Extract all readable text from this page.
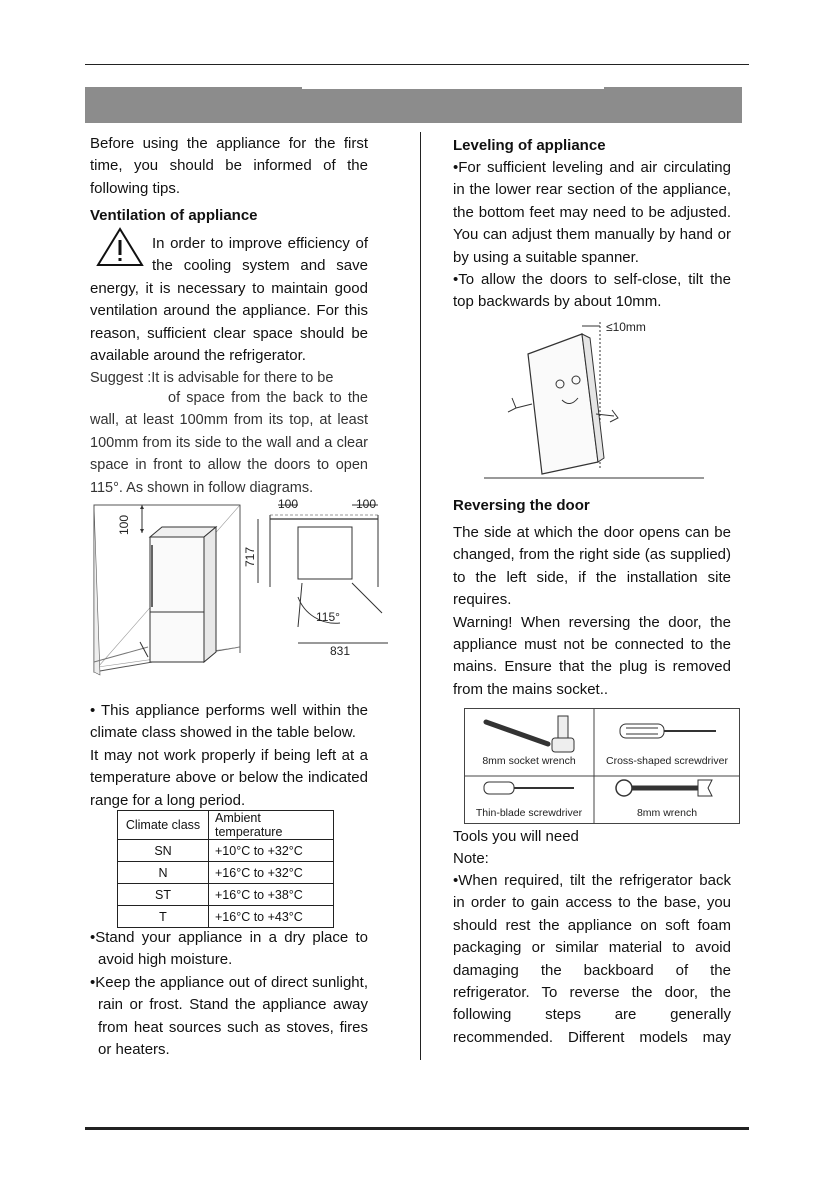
Before using the appliance for the first time, you should be informed of the following tips.

Ventilation of appliance

In order to improve efficiency of the cooling system and save

energy, it is necessary to maintain good ventilation around the appliance. For this reason, sufficient clear space should be available around the refrigerator.

Suggest :It is advisable for there to be

of space from the back to the wall, at least 100mm from its top, at least 100mm from its side to the wall and a clear space in front to allow the doors to open 115°. As shown in follow diagrams.

100
100	100
717
115°
831

• This appliance performs well within the climate class showed in the table below.

It may not work properly if being left at a temperature above or below the indicated range for a long period.

Climate class	Ambient temperature
SN	+10°C to +32°C
N	+16°C to +32°C
ST	+16°C to +38°C
T	+16°C to +43°C

•Stand your appliance in a dry place to avoid high moisture.

•Keep the appliance out of direct sunlight, rain or frost. Stand the appliance away from heat sources such as stoves, fires or heaters.

Leveling of appliance

•For sufficient leveling and air circulating in the lower rear section of the appliance, the bottom feet may need to be adjusted. You can adjust them manually by hand or by using a suitable spanner.

•To allow the doors to self-close, tilt the top backwards by about 10mm.

≤10mm
Reversing the door

The side at which the door opens can be changed, from the right side (as supplied) to the left side, if the installation site requires.

Warning! When reversing the door, the appliance must not be connected to the mains. Ensure that the plug is removed from the mains socket..

8mm socket wrench	Cross-shaped screwdriver
Thin-blade screwdriver	8mm wrench
Tools you will need
Note:

•When required, tilt the refrigerator back in order to gain access to the base, you should rest the appliance on soft foam packaging or similar material to avoid damaging the backboard of the refrigerator. To reverse the door, the following steps are generally recommended. Different models may
